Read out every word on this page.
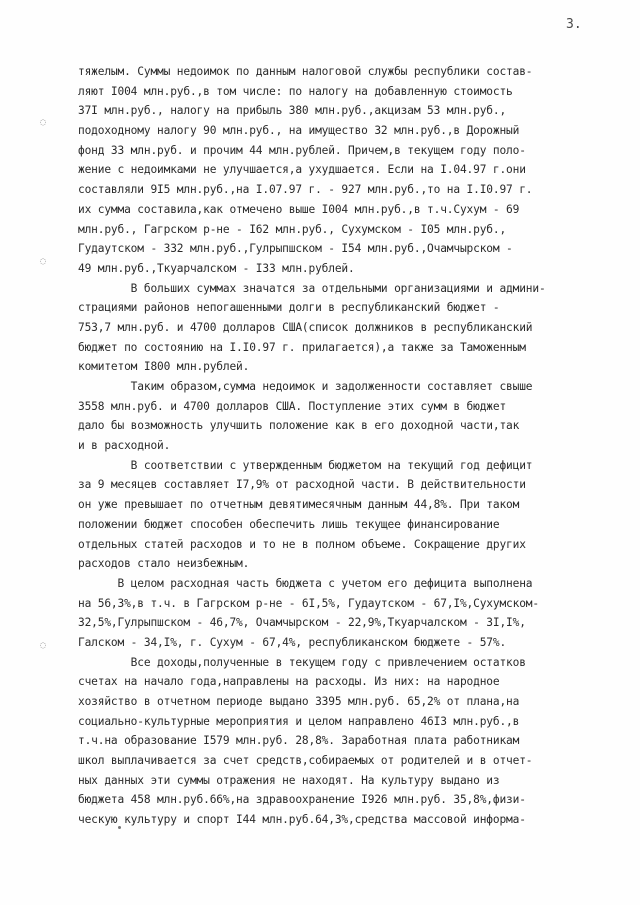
3.
◌
◌
◌
тяжелым. Суммы недоимок по данным налоговой службы республики состав-
ляют I004 млн.руб.,в том числе: по налогу на добавленную стоимость
37I млн.руб., налогу на прибыль 380 млн.руб.,акцизам 53 млн.руб.,
подоходному налогу 90 млн.руб., на имущество 32 млн.руб.,в Дорожный
фонд 33 млн.руб. и прочим 44 млн.рублей. Причем,в текущем году поло-
жение с недоимками не улучшается,а ухудшается. Если на I.04.97 г.они
составляли 9I5 млн.руб.,на I.07.97 г. - 927 млн.руб.,то на I.I0.97 г.
их сумма составила,как отмечено выше I004 млн.руб.,в т.ч.Сухум - 69
млн.руб., Гагрском р-не - I62 млн.руб., Сухумском - I05 млн.руб.,
Гудаутском - 332 млн.руб.,Гулрыпшском - I54 млн.руб.,Очамчырском -
49 млн.руб.,Ткуарчалском - I33 млн.рублей.
В больших суммах значатся за отдельными организациями и админи-
страциями районов непогашенными долги в республиканский бюджет -
753,7 млн.руб. и 4700 долларов США(список должников в республиканский
бюджет по состоянию на I.I0.97 г. прилагается),а также за Таможенным
комитетом I800 млн.рублей.
Таким образом,сумма недоимок и задолженности составляет свыше
3558 млн.руб. и 4700 долларов США. Поступление этих сумм в бюджет
дало бы возможность улучшить положение как в его доходной части,так
и в расходной.
В соответствии с утвержденным бюджетом на текущий год дефицит
за 9 месяцев составляет I7,9% от расходной части. В действительности
он уже превышает по отчетным девятимесячным данным 44,8%. При таком
положении бюджет способен обеспечить лишь текущее финансирование
отдельных статей расходов и то не в полном объеме. Сокращение других
расходов стало неизбежным.
В целом расходная часть бюджета с учетом его дефицита выполнена
на 56,3%,в т.ч. в Гагрском р-не - 6I,5%, Гудаутском - 67,I%,Сухумском-
32,5%,Гулрыпшском - 46,7%, Очамчырском - 22,9%,Ткуарчалском - 3I,I%,
Галском - 34,I%, г. Сухум - 67,4%, республиканском бюджете - 57%.
Все доходы,полученные в текущем году с привлечением остатков
счетах на начало года,направлены на расходы. Из них: на народное
хозяйство в отчетном периоде выдано 3395 млн.руб. 65,2% от плана,на
социально-культурные мероприятия и целом направлено 46I3 млн.руб.,в
т.ч.на образование I579 млн.руб. 28,8%. Заработная плата работникам
школ выплачивается за счет средств,собираемых от родителей и в отчет-
ных данных эти суммы отражения не находят. На культуру выдано из
бюджета 458 млн.руб.66%,на здравоохранение I926 млн.руб. 35,8%,физи-
ческую культуру и спорт I44 млн.руб.64,3%,средства массовой информа-
